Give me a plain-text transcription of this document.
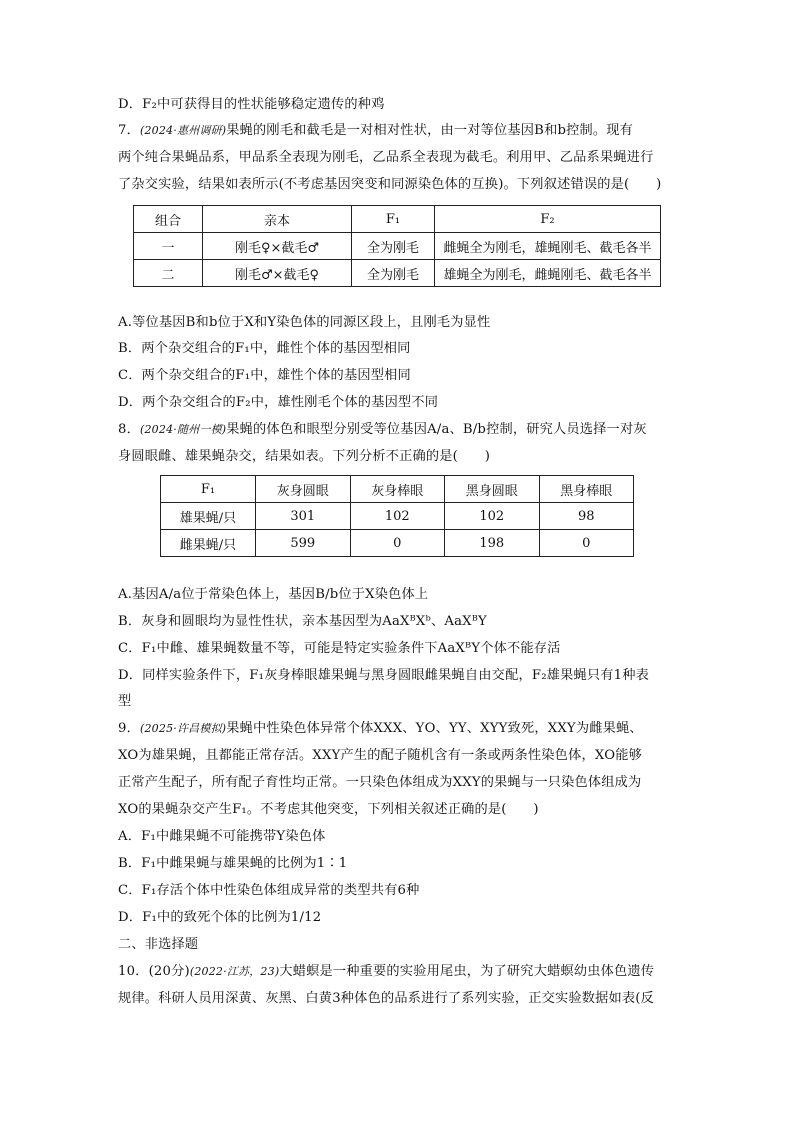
D．F₂中可获得目的性状能够稳定遗传的种鸡
7．(2024·惠州调研)果蝇的刚毛和截毛是一对相对性状，由一对等位基因B和b控制。现有
两个纯合果蝇品系，甲品系全表现为刚毛，乙品系全表现为截毛。利用甲、乙品系果蝇进行
了杂交实验，结果如表所示(不考虑基因突变和同源染色体的互换)。下列叙述错误的是(　　)
组合	亲本	F₁	F₂
一	刚毛♀×截毛♂	全为刚毛	雌蝇全为刚毛，雄蝇刚毛、截毛各半
二	刚毛♂×截毛♀	全为刚毛	雄蝇全为刚毛，雌蝇刚毛、截毛各半
A.等位基因B和b位于X和Y染色体的同源区段上，且刚毛为显性
B．两个杂交组合的F₁中，雌性个体的基因型相同
C．两个杂交组合的F₁中，雄性个体的基因型相同
D．两个杂交组合的F₂中，雄性刚毛个体的基因型不同
8．(2024·随州一模)果蝇的体色和眼型分别受等位基因A/a、B/b控制，研究人员选择一对灰
身圆眼雌、雄果蝇杂交，结果如表。下列分析不正确的是(　　)
F₁	灰身圆眼	灰身棒眼	黑身圆眼	黑身棒眼
雄果蝇/只	301	102	102	98
雌果蝇/只	599	0	198	0
A.基因A/a位于常染色体上，基因B/b位于X染色体上
B．灰身和圆眼均为显性性状，亲本基因型为AaXᴮXᵇ、AaXᴮY
C．F₁中雌、雄果蝇数量不等，可能是特定实验条件下AaXᴮY个体不能存活
D．同样实验条件下，F₁灰身棒眼雄果蝇与黑身圆眼雌果蝇自由交配，F₂雄果蝇只有1种表
型
9．(2025·许昌模拟)果蝇中性染色体异常个体XXX、YO、YY、XYY致死，XXY为雌果蝇、
XO为雄果蝇，且都能正常存活。XXY产生的配子随机含有一条或两条性染色体，XO能够
正常产生配子，所有配子育性均正常。一只染色体组成为XXY的果蝇与一只染色体组成为
XO的果蝇杂交产生F₁。不考虑其他突变，下列相关叙述正确的是(　　)
A．F₁中雌果蝇不可能携带Y染色体
B．F₁中雌果蝇与雄果蝇的比例为1∶1
C．F₁存活个体中性染色体组成异常的类型共有6种
D．F₁中的致死个体的比例为1/12
二、非选择题
10．(20分)(2022·江苏，23)大蜡螟是一种重要的实验用尾虫，为了研究大蜡螟幼虫体色遗传
规律。科研人员用深黄、灰黑、白黄3种体色的品系进行了系列实验，正交实验数据如表(反
